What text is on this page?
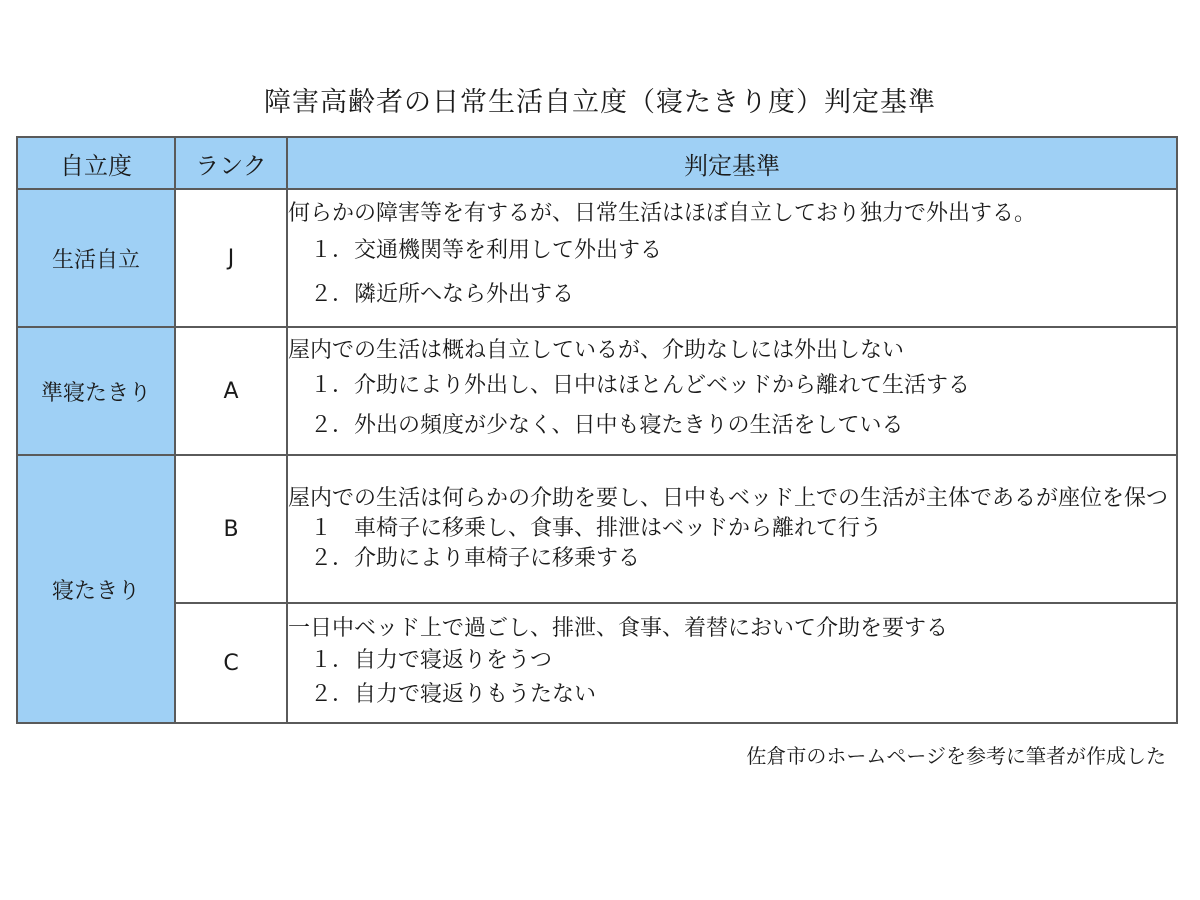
障害高齢者の日常生活自立度（寝たきり度）判定基準
自立度	ランク	判定基準
生活自立	J	何らかの障害等を有するが、日常生活はほぼ自立しており独力で外出する。
１．交通機関等を利用して外出する
２．隣近所へなら外出する

準寝たきり	A	屋内での生活は概ね自立しているが、介助なしには外出しない
１．介助により外出し、日中はほとんどベッドから離れて生活する
２．外出の頻度が少なく、日中も寝たきりの生活をしている

寝たきり	B	屋内での生活は何らかの介助を要し、日中もベッド上での生活が主体であるが座位を保つ
１　車椅子に移乗し、食事、排泄はベッドから離れて行う
２．介助により車椅子に移乗する

	C	一日中ベッド上で過ごし、排泄、食事、着替において介助を要する
１．自力で寝返りをうつ
２．自力で寝返りもうたない
佐倉市のホームページを参考に筆者が作成した
